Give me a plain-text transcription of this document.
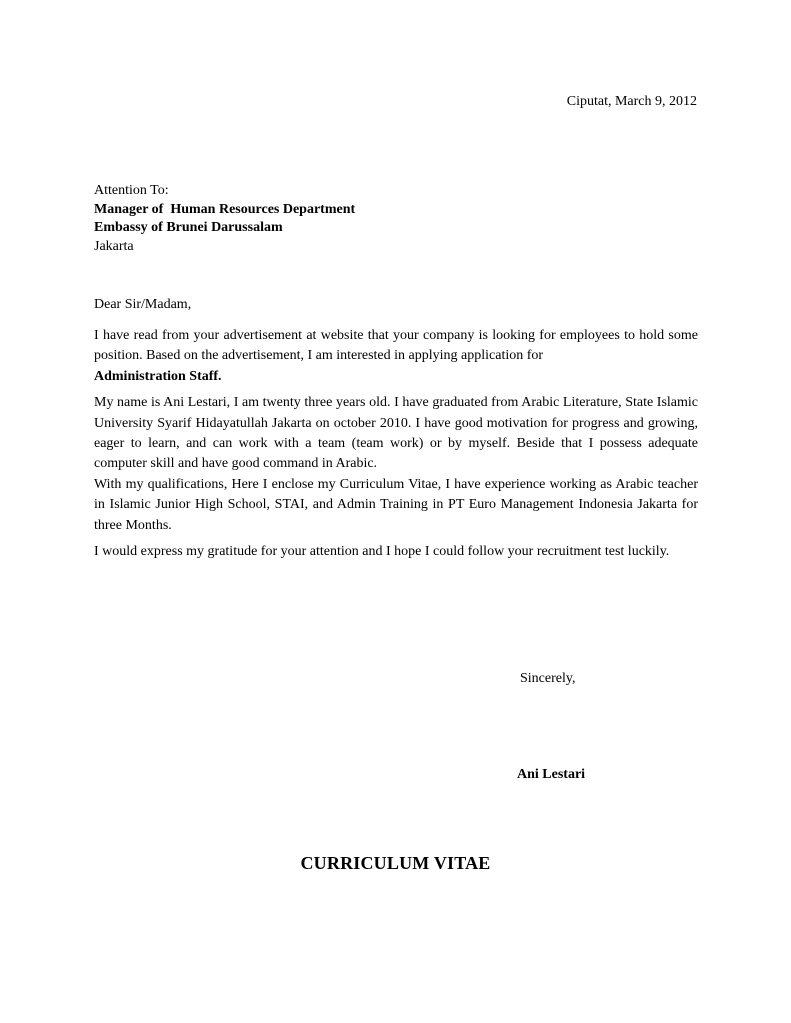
Ciputat, March 9, 2012
Attention To:
Manager of  Human Resources Department
Embassy of Brunei Darussalam
Jakarta
Dear Sir/Madam,

I have read from your advertisement at website that your company is looking for employees to hold some position. Based on the advertisement, I am interested in applying application for
Administration Staff.

My name is Ani Lestari, I am twenty three years old. I have graduated from Arabic Literature, State Islamic University Syarif Hidayatullah Jakarta on october 2010. I have good motivation for progress and growing, eager to learn, and can work with a team (team work) or by myself. Beside that I possess adequate computer skill and have good command in Arabic.

With my qualifications, Here I enclose my Curriculum Vitae, I have experience working as Arabic teacher in Islamic Junior High School, STAI, and Admin Training in PT Euro Management Indonesia Jakarta for three Months.

I would express my gratitude for your attention and I hope I could follow your recruitment test luckily.

Sincerely,
Ani Lestari
CURRICULUM VITAE
